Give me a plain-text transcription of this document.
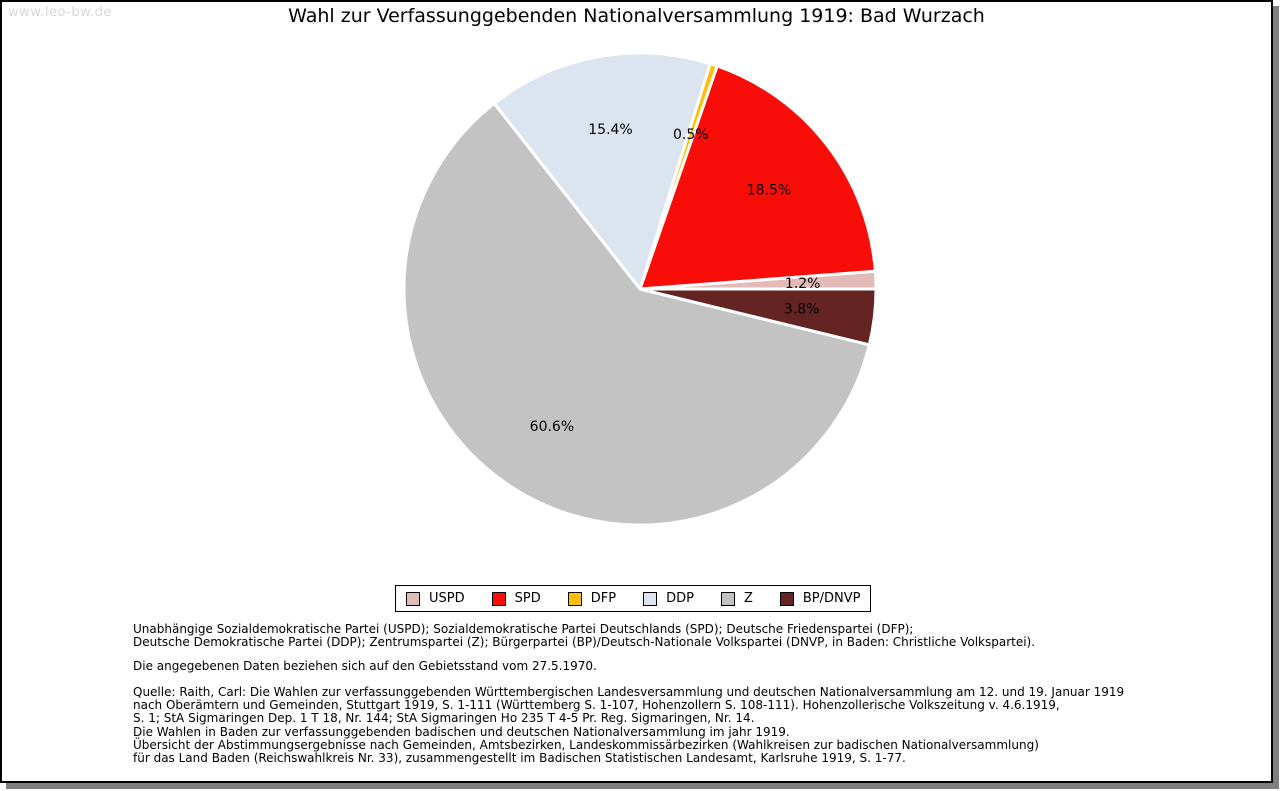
www.leo-bw.de	Wahl zur Verfassunggebenden Nationalversammlung 1919: Bad Wurzach
1.2%
18.5%
0.5%
15.4%
60.6%
3.8%
USPD	SPD	DFP	DDP	Z	BP/DNVP
Unabhängige Sozialdemokratische Partei (USPD); Sozialdemokratische Partei Deutschlands (SPD); Deutsche Friedenspartei (DFP);
Deutsche Demokratische Partei (DDP); Zentrumspartei (Z); Bürgerpartei (BP)/Deutsch-Nationale Volkspartei (DNVP, in Baden: Christliche Volkspartei).
Die angegebenen Daten beziehen sich auf den Gebietsstand vom 27.5.1970.
Quelle: Raith, Carl: Die Wahlen zur verfassunggebenden Württembergischen Landesversammlung und deutschen Nationalversammlung am 12. und 19. Januar 1919
nach Oberämtern und Gemeinden, Stuttgart 1919, S. 1-111 (Württemberg S. 1-107, Hohenzollern S. 108-111). Hohenzollerische Volkszeitung v. 4.6.1919,
S. 1; StA Sigmaringen Dep. 1 T 18, Nr. 144; StA Sigmaringen Ho 235 T 4-5 Pr. Reg. Sigmaringen, Nr. 14.
Die Wahlen in Baden zur verfassunggebenden badischen und deutschen Nationalversammlung im jahr 1919.
Übersicht der Abstimmungsergebnisse nach Gemeinden, Amtsbezirken, Landeskommissärbezirken (Wahlkreisen zur badischen Nationalversammlung)
für das Land Baden (Reichswahlkreis Nr. 33), zusammengestellt im Badischen Statistischen Landesamt, Karlsruhe 1919, S. 1-77.
